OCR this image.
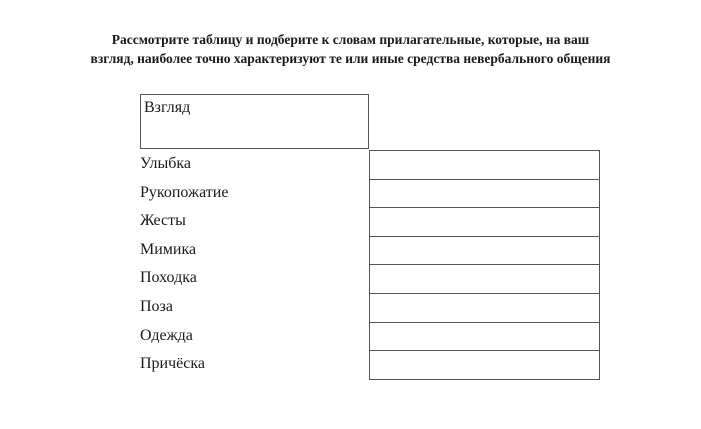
Рассмотрите таблицу и подберите к словам прилагательные, которые, на ваш
взгляд, наиболее точно характеризуют те или иные средства невербального общения
Взгляд
Улыбка
Рукопожатие
Жесты
Мимика
Походка
Поза
Одежда
Причёска
